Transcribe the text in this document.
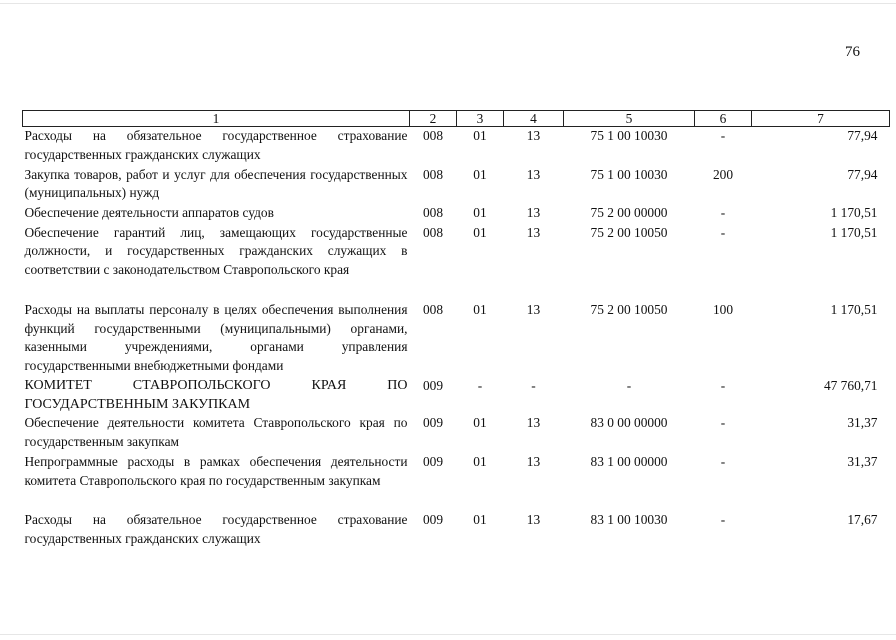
76
1	2	3	4	5	6	7
Расходы на обязательное государственное страхование государственных гражданских служащих	008	01	13	75 1 00 10030	-	77,94
Закупка товаров, работ и услуг для обеспечения государственных (муниципальных) нужд	008	01	13	75 1 00 10030	200	77,94
Обеспечение деятельности аппаратов судов	008	01	13	75 2 00 00000	-	1 170,51
Обеспечение гарантий лиц, замещающих государственные должности, и государственных гражданских служащих в соответствии с законодательством Ставропольского края	008	01	13	75 2 00 10050	-	1 170,51

Расходы на выплаты персоналу в целях обеспечения выполнения функций государственными (муниципальными) органами, казенными учреждениями, органами управления государственными внебюджетными фондами	008	01	13	75 2 00 10050	100	1 170,51
КОМИТЕТ СТАВРОПОЛЬСКОГО КРАЯ ПО ГОСУДАРСТВЕННЫМ ЗАКУПКАМ	009	-	-	-	-	47 760,71
Обеспечение деятельности комитета Ставропольского края по государственным закупкам	009	01	13	83 0 00 00000	-	31,37
Непрограммные расходы в рамках обеспечения деятельности комитета Ставропольского края по государственным закупкам	009	01	13	83 1 00 00000	-	31,37
Расходы на обязательное государственное страхование государственных гражданских служащих	009	01	13	83 1 00 10030	-	17,67
